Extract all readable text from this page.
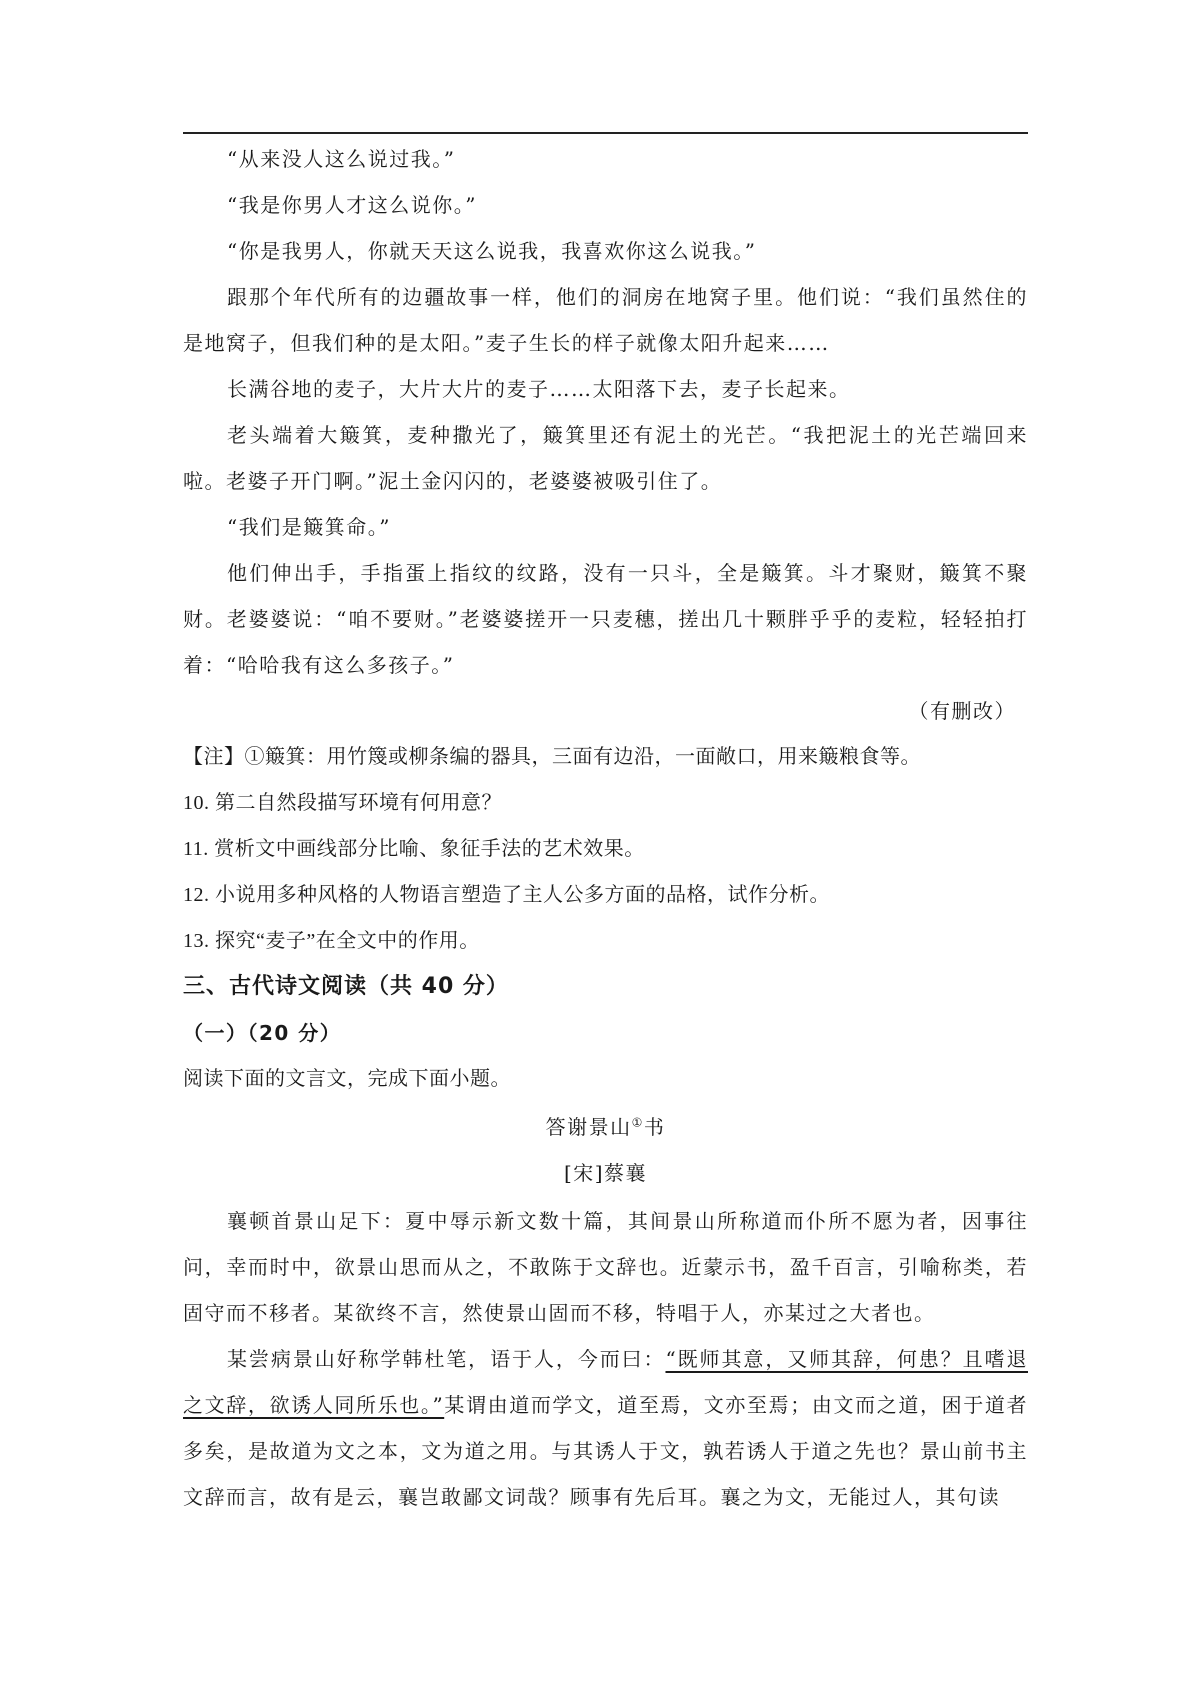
“从来没人这么说过我。”

“我是你男人才这么说你。”

“你是我男人，你就天天这么说我，我喜欢你这么说我。”

跟那个年代所有的边疆故事一样，他们的洞房在地窝子里。他们说：“我们虽然住的是地窝子，但我们种的是太阳。”麦子生长的样子就像太阳升起来……

长满谷地的麦子，大片大片的麦子……太阳落下去，麦子长起来。

老头端着大簸箕，麦种撒光了，簸箕里还有泥土的光芒。“我把泥土的光芒端回来啦。老婆子开门啊。”泥土金闪闪的，老婆婆被吸引住了。

“我们是簸箕命。”

他们伸出手，手指蛋上指纹的纹路，没有一只斗，全是簸箕。斗才聚财，簸箕不聚财。老婆婆说：“咱不要财。”老婆婆搓开一只麦穗，搓出几十颗胖乎乎的麦粒，轻轻拍打着：“哈哈我有这么多孩子。”

（有删改）

【注】①簸箕：用竹篾或柳条编的器具，三面有边沿，一面敞口，用来簸粮食等。

10. 第二自然段描写环境有何用意？

11. 赏析文中画线部分比喻、象征手法的艺术效果。

12. 小说用多种风格的人物语言塑造了主人公多方面的品格，试作分析。

13. 探究“麦子”在全文中的作用。

三、古代诗文阅读（共 40 分）

（一）（20 分）

阅读下面的文言文，完成下面小题。

答谢景山①书

[宋]蔡襄

襄顿首景山足下：夏中辱示新文数十篇，其间景山所称道而仆所不愿为者，因事往问，幸而时中，欲景山思而从之，不敢陈于文辞也。近蒙示书，盈千百言，引喻称类，若固守而不移者。某欲终不言，然使景山固而不移，特唱于人，亦某过之大者也。

某尝病景山好称学韩杜笔，语于人，今而曰：“既师其意，又师其辞，何患？且嗜退之文辞，欲诱人同所乐也。”某谓由道而学文，道至焉，文亦至焉；由文而之道，困于道者多矣，是故道为文之本，文为道之用。与其诱人于文，孰若诱人于道之先也？景山前书主文辞而言，故有是云，襄岂敢鄙文词哉？顾事有先后耳。襄之为文，无能过人，其句读
